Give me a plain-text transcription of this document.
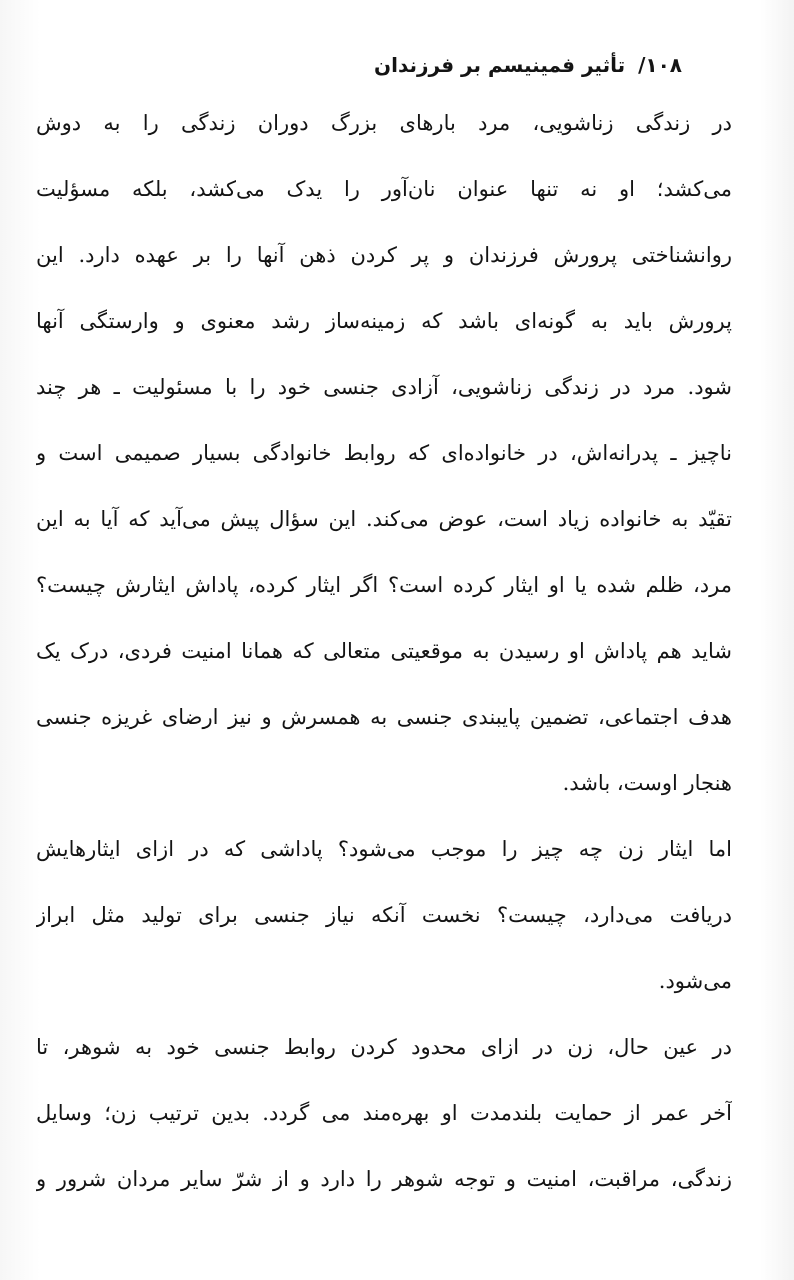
۱۰۸/ تأثیر فمینیسم بر فرزندان
در زندگی زناشویی، مرد بارهای بزرگ دوران زندگی را به دوش
می‌کشد؛ او نه تنها عنوان نان‌آور را یدک می‌کشد، بلکه مسؤلیت
روانشناختی پرورش فرزندان و پر کردن ذهن آنها را بر عهده دارد. این
پرورش باید به گونه‌ای باشد که زمینه‌ساز رشد معنوی و وارستگی آنها
شود. مرد در زندگی زناشویی، آزادی جنسی خود را با مسئولیت ـ هر چند
ناچیز ـ پدرانه‌اش، در خانواده‌ای که روابط خانوادگی بسیار صمیمی است و
تقیّد به خانواده زیاد است، عوض می‌کند. این سؤال پیش می‌آید که آیا به این
مرد، ظلم شده یا او ایثار کرده است؟ اگر ایثار کرده، پاداش ایثارش چیست؟
شاید هم پاداش او رسیدن به موقعیتی متعالی که همانا امنیت فردی، درک یک
هدف اجتماعی، تضمین پایبندی جنسی به همسرش و نیز ارضای غریزه جنسی
هنجار اوست، باشد.
اما ایثار زن چه چیز را موجب می‌شود؟ پاداشی که در ازای ایثارهایش
دریافت می‌دارد، چیست؟ نخست آنکه نیاز جنسی برای تولید مثل ابراز
می‌شود.
در عین حال، زن در ازای محدود کردن روابط جنسی خود به شوهر، تا
آخر عمر از حمایت بلندمدت او بهره‌مند می گردد. بدین ترتیب زن؛ وسایل
زندگی، مراقبت، امنیت و توجه شوهر را دارد و از شرّ سایر مردان شرور و
